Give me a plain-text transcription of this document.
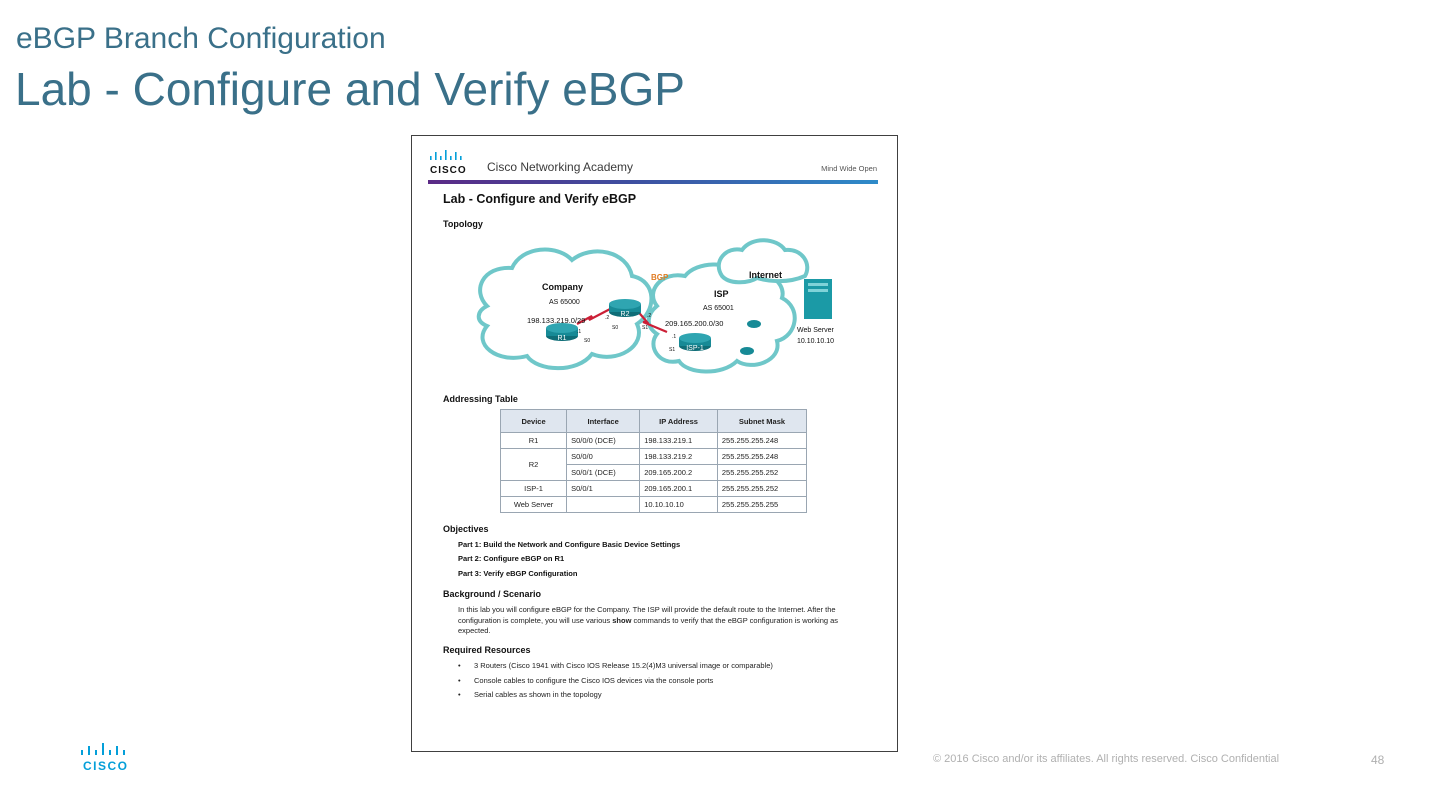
eBGP Branch Configuration
Lab - Configure and Verify eBGP
CISCO Cisco Networking Academy	Mind Wide Open
Lab - Configure and Verify eBGP
Topology
R1
R2
ISP-1
Company
AS 65000
198.133.219.0/29
BGP	Internet
ISP
AS 65001
209.165.200.0/30
Web Server
10.10.10.10
S0
.1
.2
S0	S1
.2
.1
S1
Addressing Table
Device	Interface	IP Address	Subnet Mask
R1	S0/0/0 (DCE)	198.133.219.1	255.255.255.248
R2	S0/0/0	198.133.219.2	255.255.255.248
	S0/0/1 (DCE)	209.165.200.2	255.255.255.252
ISP-1	S0/0/1	209.165.200.1	255.255.255.252
Web Server		10.10.10.10	255.255.255.255
Objectives
Part 1: Build the Network and Configure Basic Device Settings
Part 2: Configure eBGP on R1
Part 3: Verify eBGP Configuration
Background / Scenario
In this lab you will configure eBGP for the Company. The ISP will provide the default route to the Internet. After the configuration is complete, you will use various show commands to verify that the eBGP configuration is working as expected.
Required Resources
• 3 Routers (Cisco 1941 with Cisco IOS Release 15.2(4)M3 universal image or comparable)
• Console cables to configure the Cisco IOS devices via the console ports
• Serial cables as shown in the topology
CISCO	© 2016 Cisco and/or its affiliates. All rights reserved. Cisco Confidential	48
